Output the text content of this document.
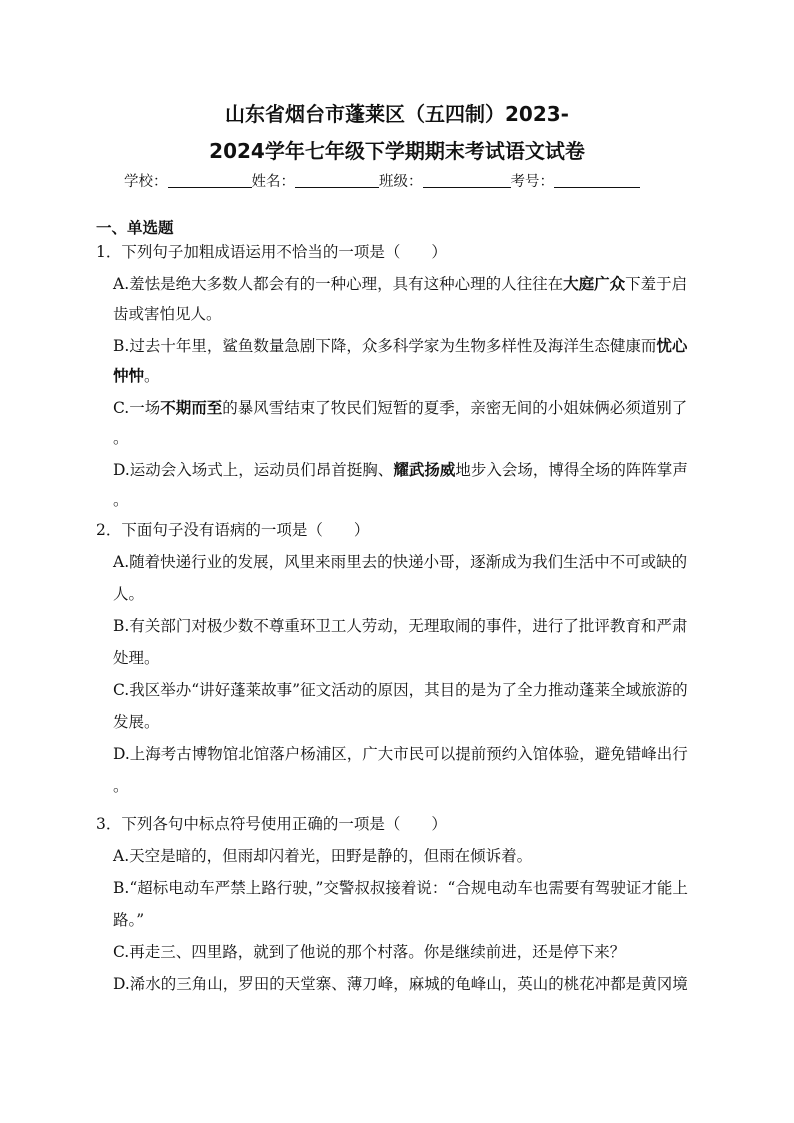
山东省烟台市蓬莱区（五四制）2023-
2024学年七年级下学期期末考试语文试卷
学校：	姓名：	班级：	考号：
一、单选题
1．下列句子加粗成语运用不恰当的一项是（　　）
A.羞怯是绝大多数人都会有的一种心理，具有这种心理的人往往在大庭广众下羞于启
齿或害怕见人。
B.过去十年里，鲨鱼数量急剧下降，众多科学家为生物多样性及海洋生态健康而忧心
忡忡。
C.一场不期而至的暴风雪结束了牧民们短暂的夏季，亲密无间的小姐妹俩必须道别了
。
D.运动会入场式上，运动员们昂首挺胸、耀武扬威地步入会场，博得全场的阵阵掌声
。
2．下面句子没有语病的一项是（　　）
A.随着快递行业的发展，风里来雨里去的快递小哥，逐渐成为我们生活中不可或缺的
人。
B.有关部门对极少数不尊重环卫工人劳动，无理取闹的事件，进行了批评教育和严肃
处理。
C.我区举办“讲好蓬莱故事”征文活动的原因，其目的是为了全力推动蓬莱全域旅游的
发展。
D.上海考古博物馆北馆落户杨浦区，广大市民可以提前预约入馆体验，避免错峰出行
。
3．下列各句中标点符号使用正确的一项是（　　）
A.天空是暗的，但雨却闪着光，田野是静的，但雨在倾诉着。
B.“超标电动车严禁上路行驶，”交警叔叔接着说：“合规电动车也需要有驾驶证才能上
路。”
C.再走三、四里路，就到了他说的那个村落。你是继续前进，还是停下来？
D.浠水的三角山，罗田的天堂寨、薄刀峰，麻城的龟峰山，英山的桃花冲都是黄冈境
